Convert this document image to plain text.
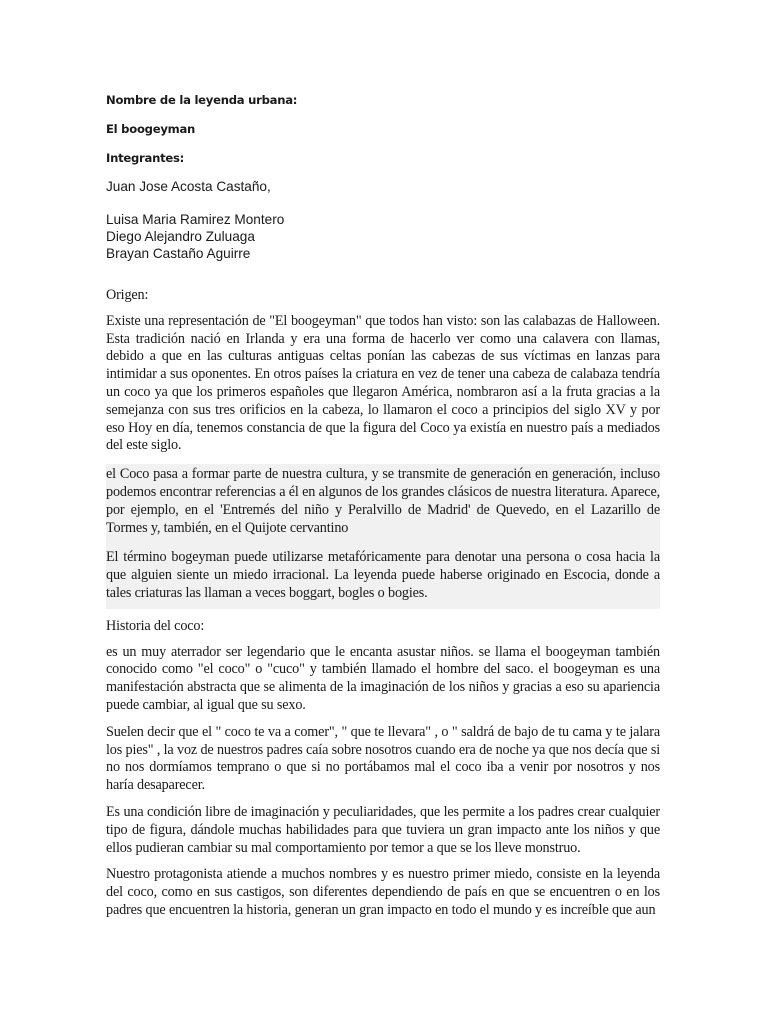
Nombre de la leyenda urbana:

El boogeyman

Integrantes:

Juan Jose Acosta Castaño,
Luisa Maria Ramirez Montero
Diego Alejandro Zuluaga
Brayan Castaño Aguirre

Origen:

Existe una representación de "El boogeyman" que todos han visto: son las calabazas de Halloween. Esta tradición nació en Irlanda y era una forma de hacerlo ver como una calavera con llamas, debido a que en las culturas antiguas celtas ponían las cabezas de sus víctimas en lanzas para intimidar a sus oponentes. En otros países la criatura en vez de tener una cabeza de calabaza tendría un coco ya que los primeros españoles que llegaron América, nombraron así a la fruta gracias a la semejanza con sus tres orificios en la cabeza, lo llamaron el coco a principios del siglo XV y por eso Hoy en día, tenemos constancia de que la figura del Coco ya existía en nuestro país a mediados del este siglo.

el Coco pasa a formar parte de nuestra cultura, y se transmite de generación en generación, incluso podemos encontrar referencias a él en algunos de los grandes clásicos de nuestra literatura. Aparece, por ejemplo, en el 'Entremés del niño y Peralvillo de Madrid' de Quevedo, en el Lazarillo de Tormes y, también, en el Quijote cervantino

El término bogeyman puede utilizarse metafóricamente para denotar una persona o cosa hacia la que alguien siente un miedo irracional. La leyenda puede haberse originado en Escocia, donde a tales criaturas las llaman a veces boggart, bogles o bogies.

Historia del coco:

es un muy aterrador ser legendario que le encanta asustar niños. se llama el boogeyman también conocido como "el coco" o "cuco" y también llamado el hombre del saco. el boogeyman es una manifestación abstracta que se alimenta de la imaginación de los niños y gracias a eso su apariencia puede cambiar, al igual que su sexo.

Suelen decir que el " coco te va a comer", " que te llevara" , o " saldrá de bajo de tu cama y te jalara los pies" , la voz de nuestros padres caía sobre nosotros cuando era de noche ya que nos decía que si no nos dormíamos temprano o que si no portábamos mal el coco iba a venir por nosotros y nos haría desaparecer.

Es una condición libre de imaginación y peculiaridades, que les permite a los padres crear cualquier tipo de figura, dándole muchas habilidades para que tuviera un gran impacto ante los niños y que ellos pudieran cambiar su mal comportamiento por temor a que se los lleve monstruo.

Nuestro protagonista atiende a muchos nombres y es nuestro primer miedo, consiste en la leyenda del coco, como en sus castigos, son diferentes dependiendo de país en que se encuentren o en los padres que encuentren la historia, generan un gran impacto en todo el mundo y es increíble que aun
